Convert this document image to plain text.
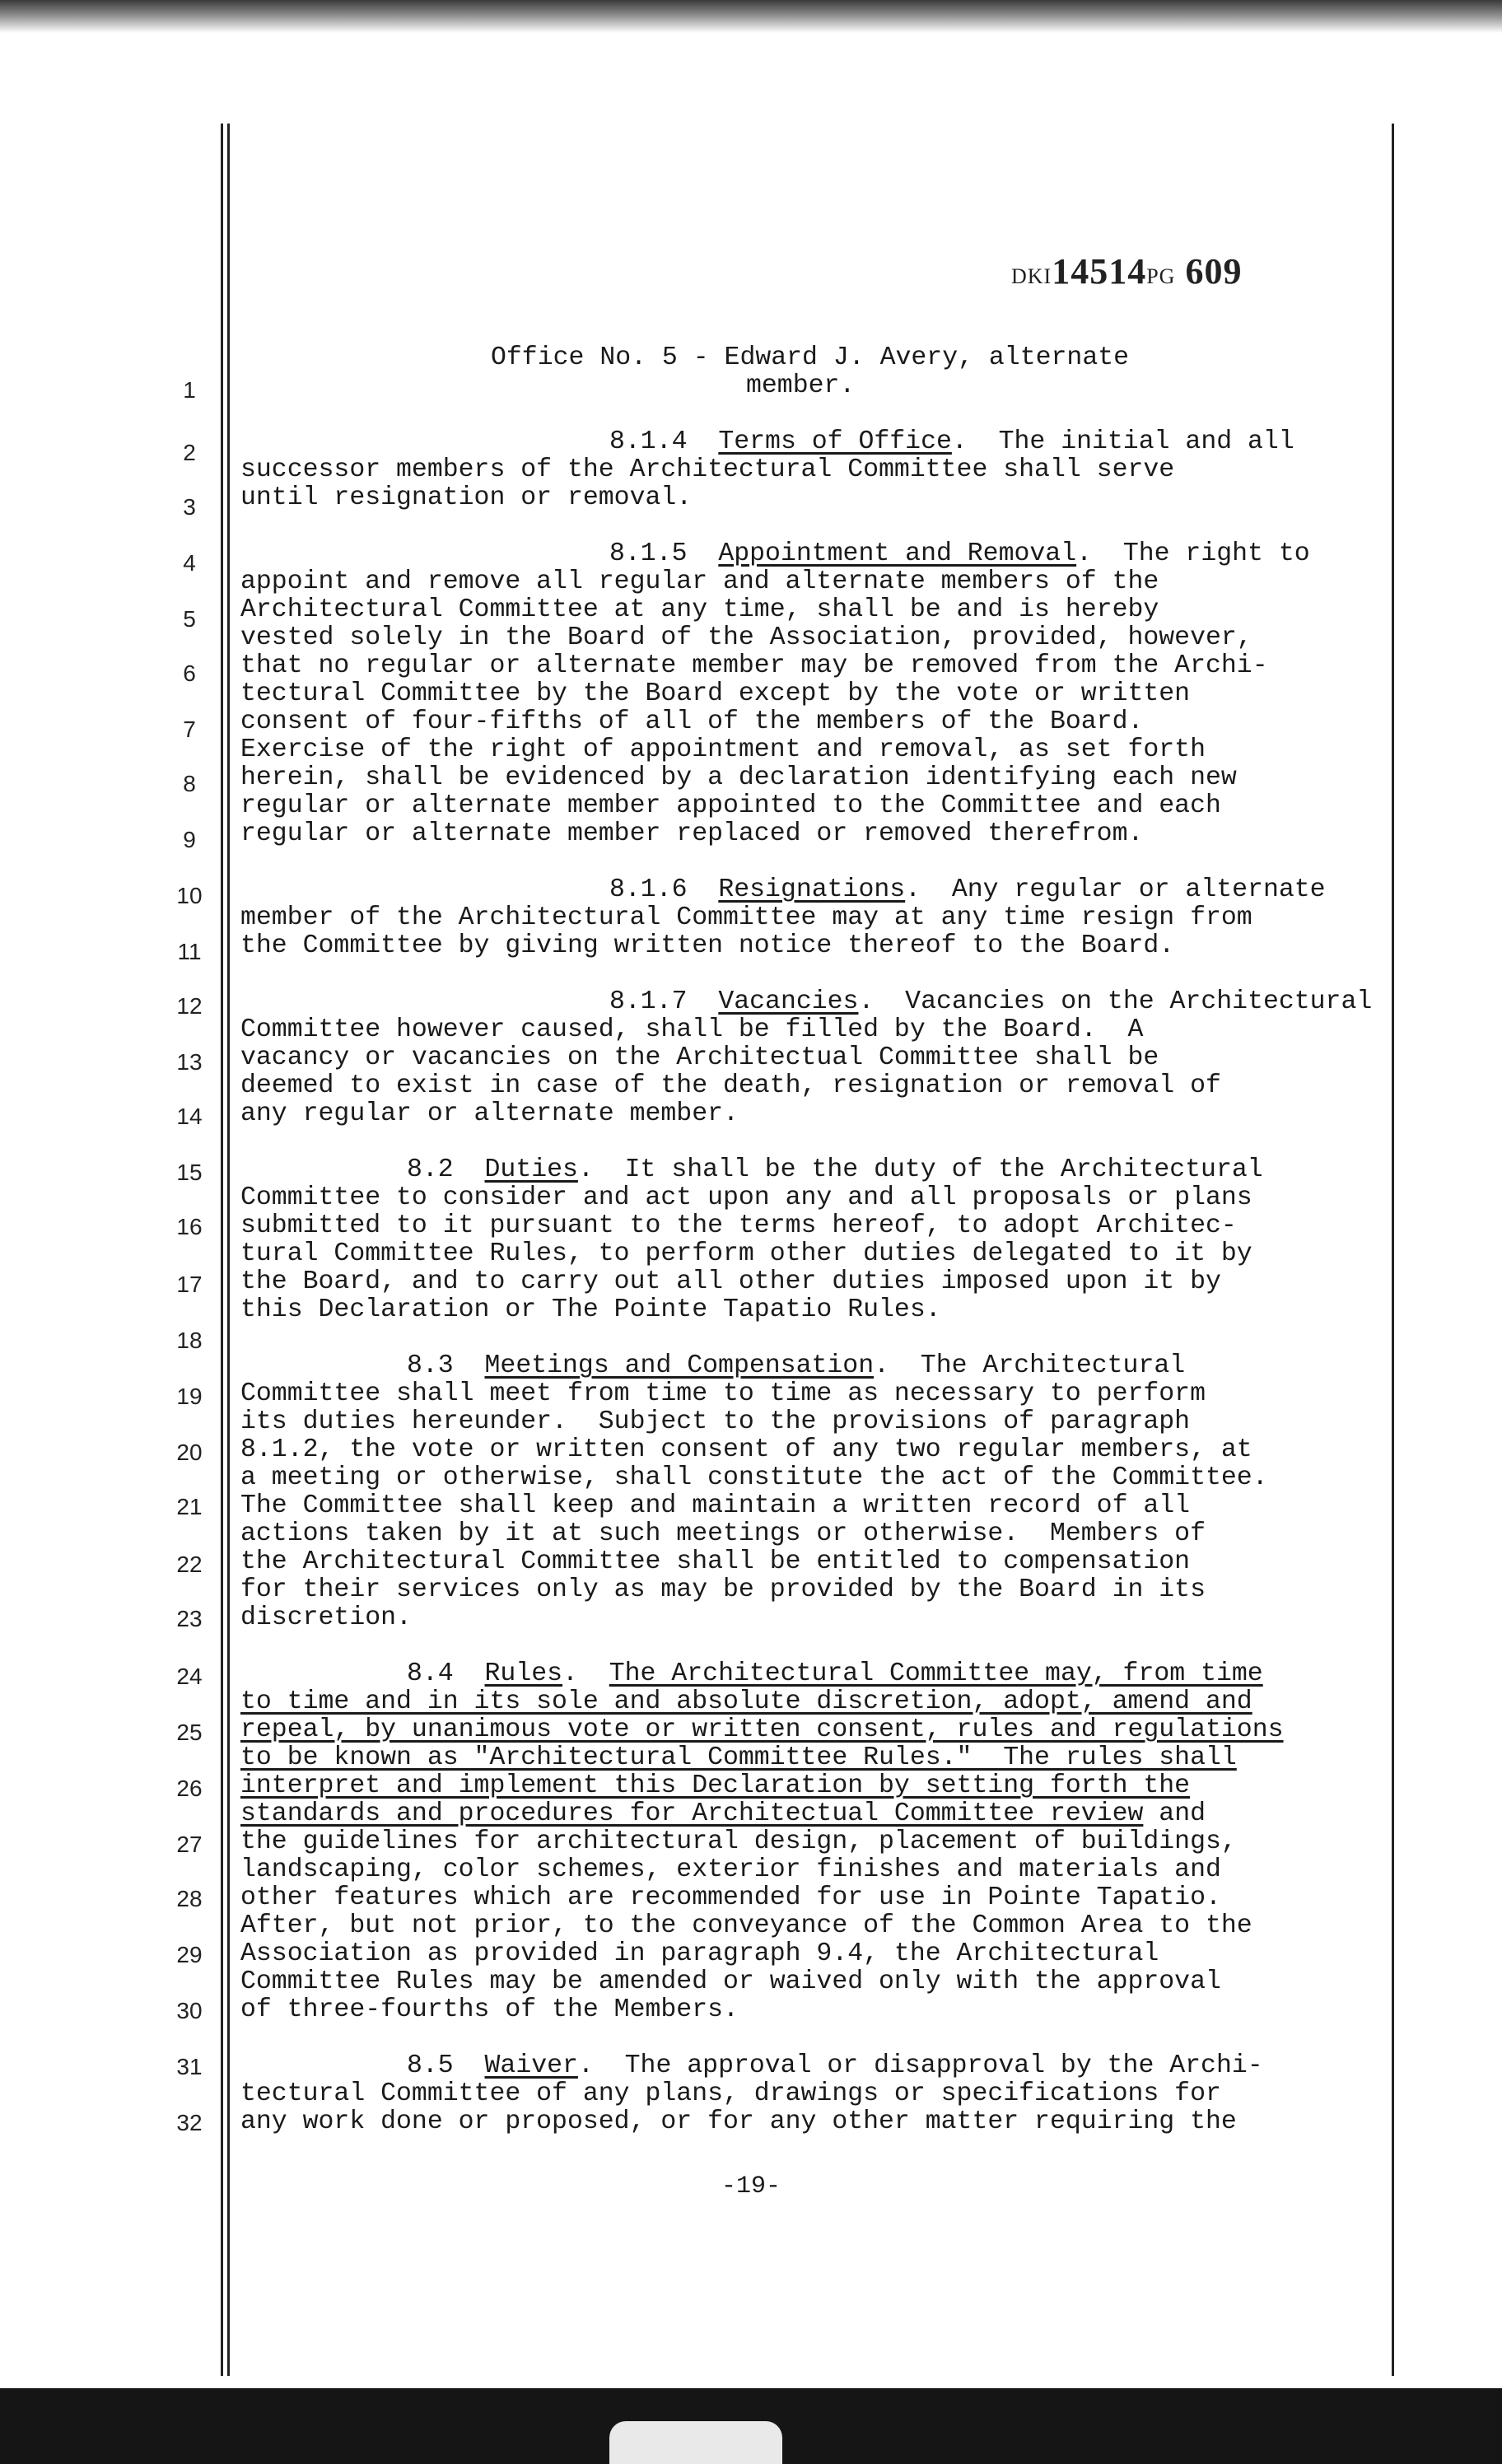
DKI14514PG 609
1
2
3
4
5
6
7
8
9
10
11
12
13
14
15
16
17
18
19
20
21
22
23
24
25
26
27
28
29
30
31
32
Office No. 5 - Edward J. Avery, alternate
member.
8.1.4  Terms of Office.  The initial and all
successor members of the Architectural Committee shall serve
until resignation or removal.
8.1.5  Appointment and Removal.  The right to
appoint and remove all regular and alternate members of the
Architectural Committee at any time, shall be and is hereby
vested solely in the Board of the Association, provided, however,
that no regular or alternate member may be removed from the Archi-
tectural Committee by the Board except by the vote or written
consent of four-fifths of all of the members of the Board.
Exercise of the right of appointment and removal, as set forth
herein, shall be evidenced by a declaration identifying each new
regular or alternate member appointed to the Committee and each
regular or alternate member replaced or removed therefrom.
8.1.6  Resignations.  Any regular or alternate
member of the Architectural Committee may at any time resign from
the Committee by giving written notice thereof to the Board.
8.1.7  Vacancies.  Vacancies on the Architectural
Committee however caused, shall be filled by the Board.  A
vacancy or vacancies on the Architectual Committee shall be
deemed to exist in case of the death, resignation or removal of
any regular or alternate member.
8.2  Duties.  It shall be the duty of the Architectural
Committee to consider and act upon any and all proposals or plans
submitted to it pursuant to the terms hereof, to adopt Architec-
tural Committee Rules, to perform other duties delegated to it by
the Board, and to carry out all other duties imposed upon it by
this Declaration or The Pointe Tapatio Rules.
8.3  Meetings and Compensation.  The Architectural
Committee shall meet from time to time as necessary to perform
its duties hereunder.  Subject to the provisions of paragraph
8.1.2, the vote or written consent of any two regular members, at
a meeting or otherwise, shall constitute the act of the Committee.
The Committee shall keep and maintain a written record of all
actions taken by it at such meetings or otherwise.  Members of
the Architectural Committee shall be entitled to compensation
for their services only as may be provided by the Board in its
discretion.
8.4  Rules.  The Architectural Committee may, from time
to time and in its sole and absolute discretion, adopt, amend and
repeal, by unanimous vote or written consent, rules and regulations
to be known as "Architectural Committee Rules."  The rules shall
interpret and implement this Declaration by setting forth the
standards and procedures for Architectual Committee review and
the guidelines for architectural design, placement of buildings,
landscaping, color schemes, exterior finishes and materials and
other features which are recommended for use in Pointe Tapatio.
After, but not prior, to the conveyance of the Common Area to the
Association as provided in paragraph 9.4, the Architectural
Committee Rules may be amended or waived only with the approval
of three-fourths of the Members.
8.5  Waiver.  The approval or disapproval by the Archi-
tectural Committee of any plans, drawings or specifications for
any work done or proposed, or for any other matter requiring the
-19-
